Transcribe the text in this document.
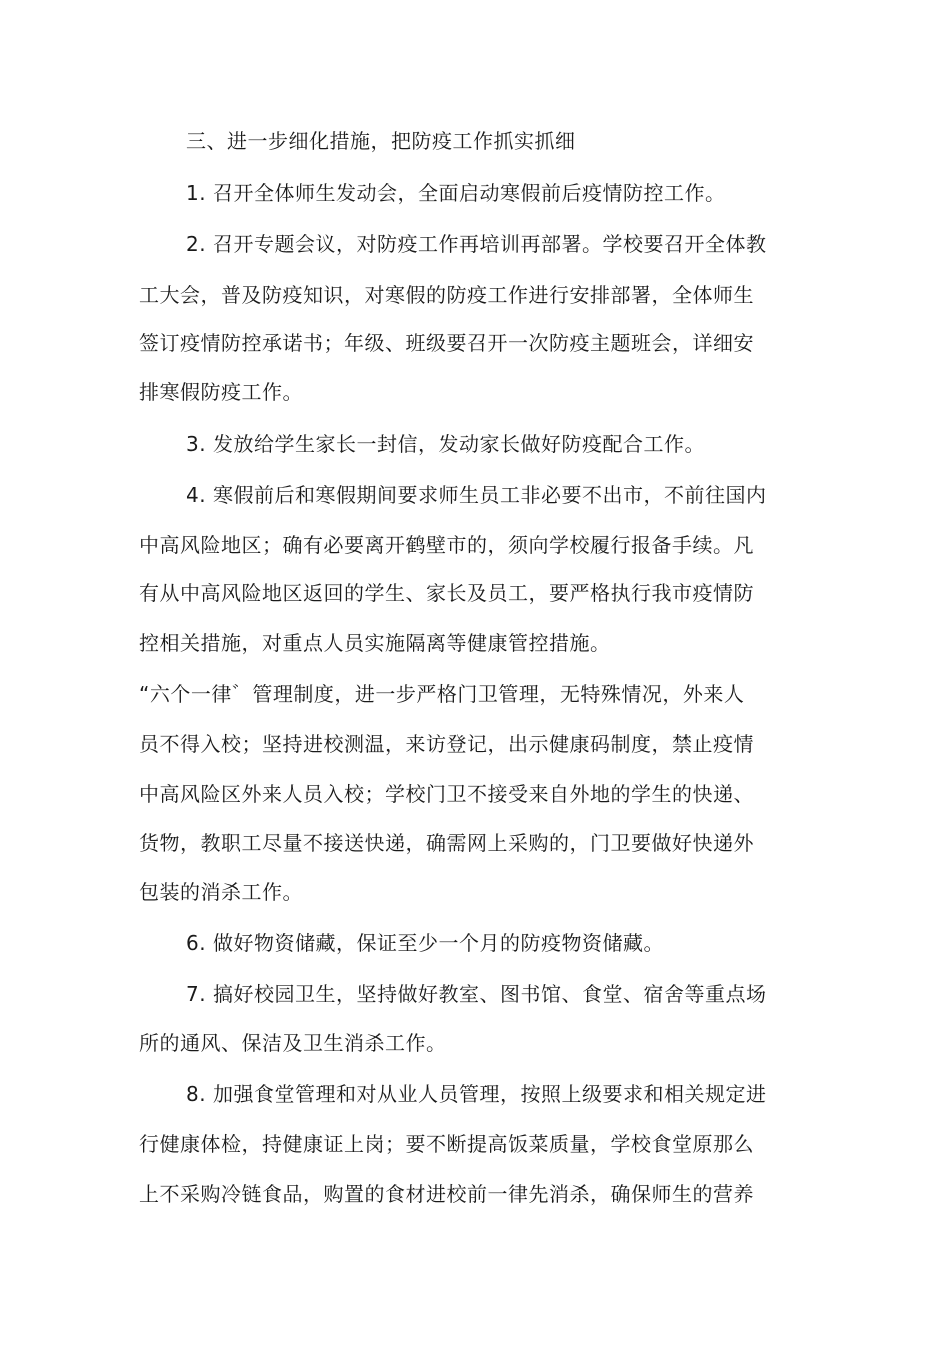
三、进一步细化措施，把防疫工作抓实抓细
1. 召开全体师生发动会，全面启动寒假前后疫情防控工作。
2. 召开专题会议，对防疫工作再培训再部署。学校要召开全体教
工大会，普及防疫知识，对寒假的防疫工作进行安排部署，全体师生
签订疫情防控承诺书；年级、班级要召开一次防疫主题班会，详细安
排寒假防疫工作。
3. 发放给学生家长一封信，发动家长做好防疫配合工作。
4. 寒假前后和寒假期间要求师生员工非必要不出市，不前往国内
中高风险地区；确有必要离开鹤壁市的，须向学校履行报备手续。凡
有从中高风险地区返回的学生、家长及员工，要严格执行我市疫情防
控相关措施，对重点人员实施隔离等健康管控措施。
“六个一律゛管理制度，进一步严格门卫管理，无特殊情况，外来人
员不得入校；坚持进校测温，来访登记，出示健康码制度，禁止疫情
中高风险区外来人员入校；学校门卫不接受来自外地的学生的快递、
货物，教职工尽量不接送快递，确需网上采购的，门卫要做好快递外
包装的消杀工作。
6. 做好物资储藏，保证至少一个月的防疫物资储藏。
7. 搞好校园卫生，坚持做好教室、图书馆、食堂、宿舍等重点场
所的通风、保洁及卫生消杀工作。
8. 加强食堂管理和对从业人员管理，按照上级要求和相关规定进
行健康体检，持健康证上岗；要不断提高饭菜质量，学校食堂原那么
上不采购冷链食品，购置的食材进校前一律先消杀，确保师生的营养
